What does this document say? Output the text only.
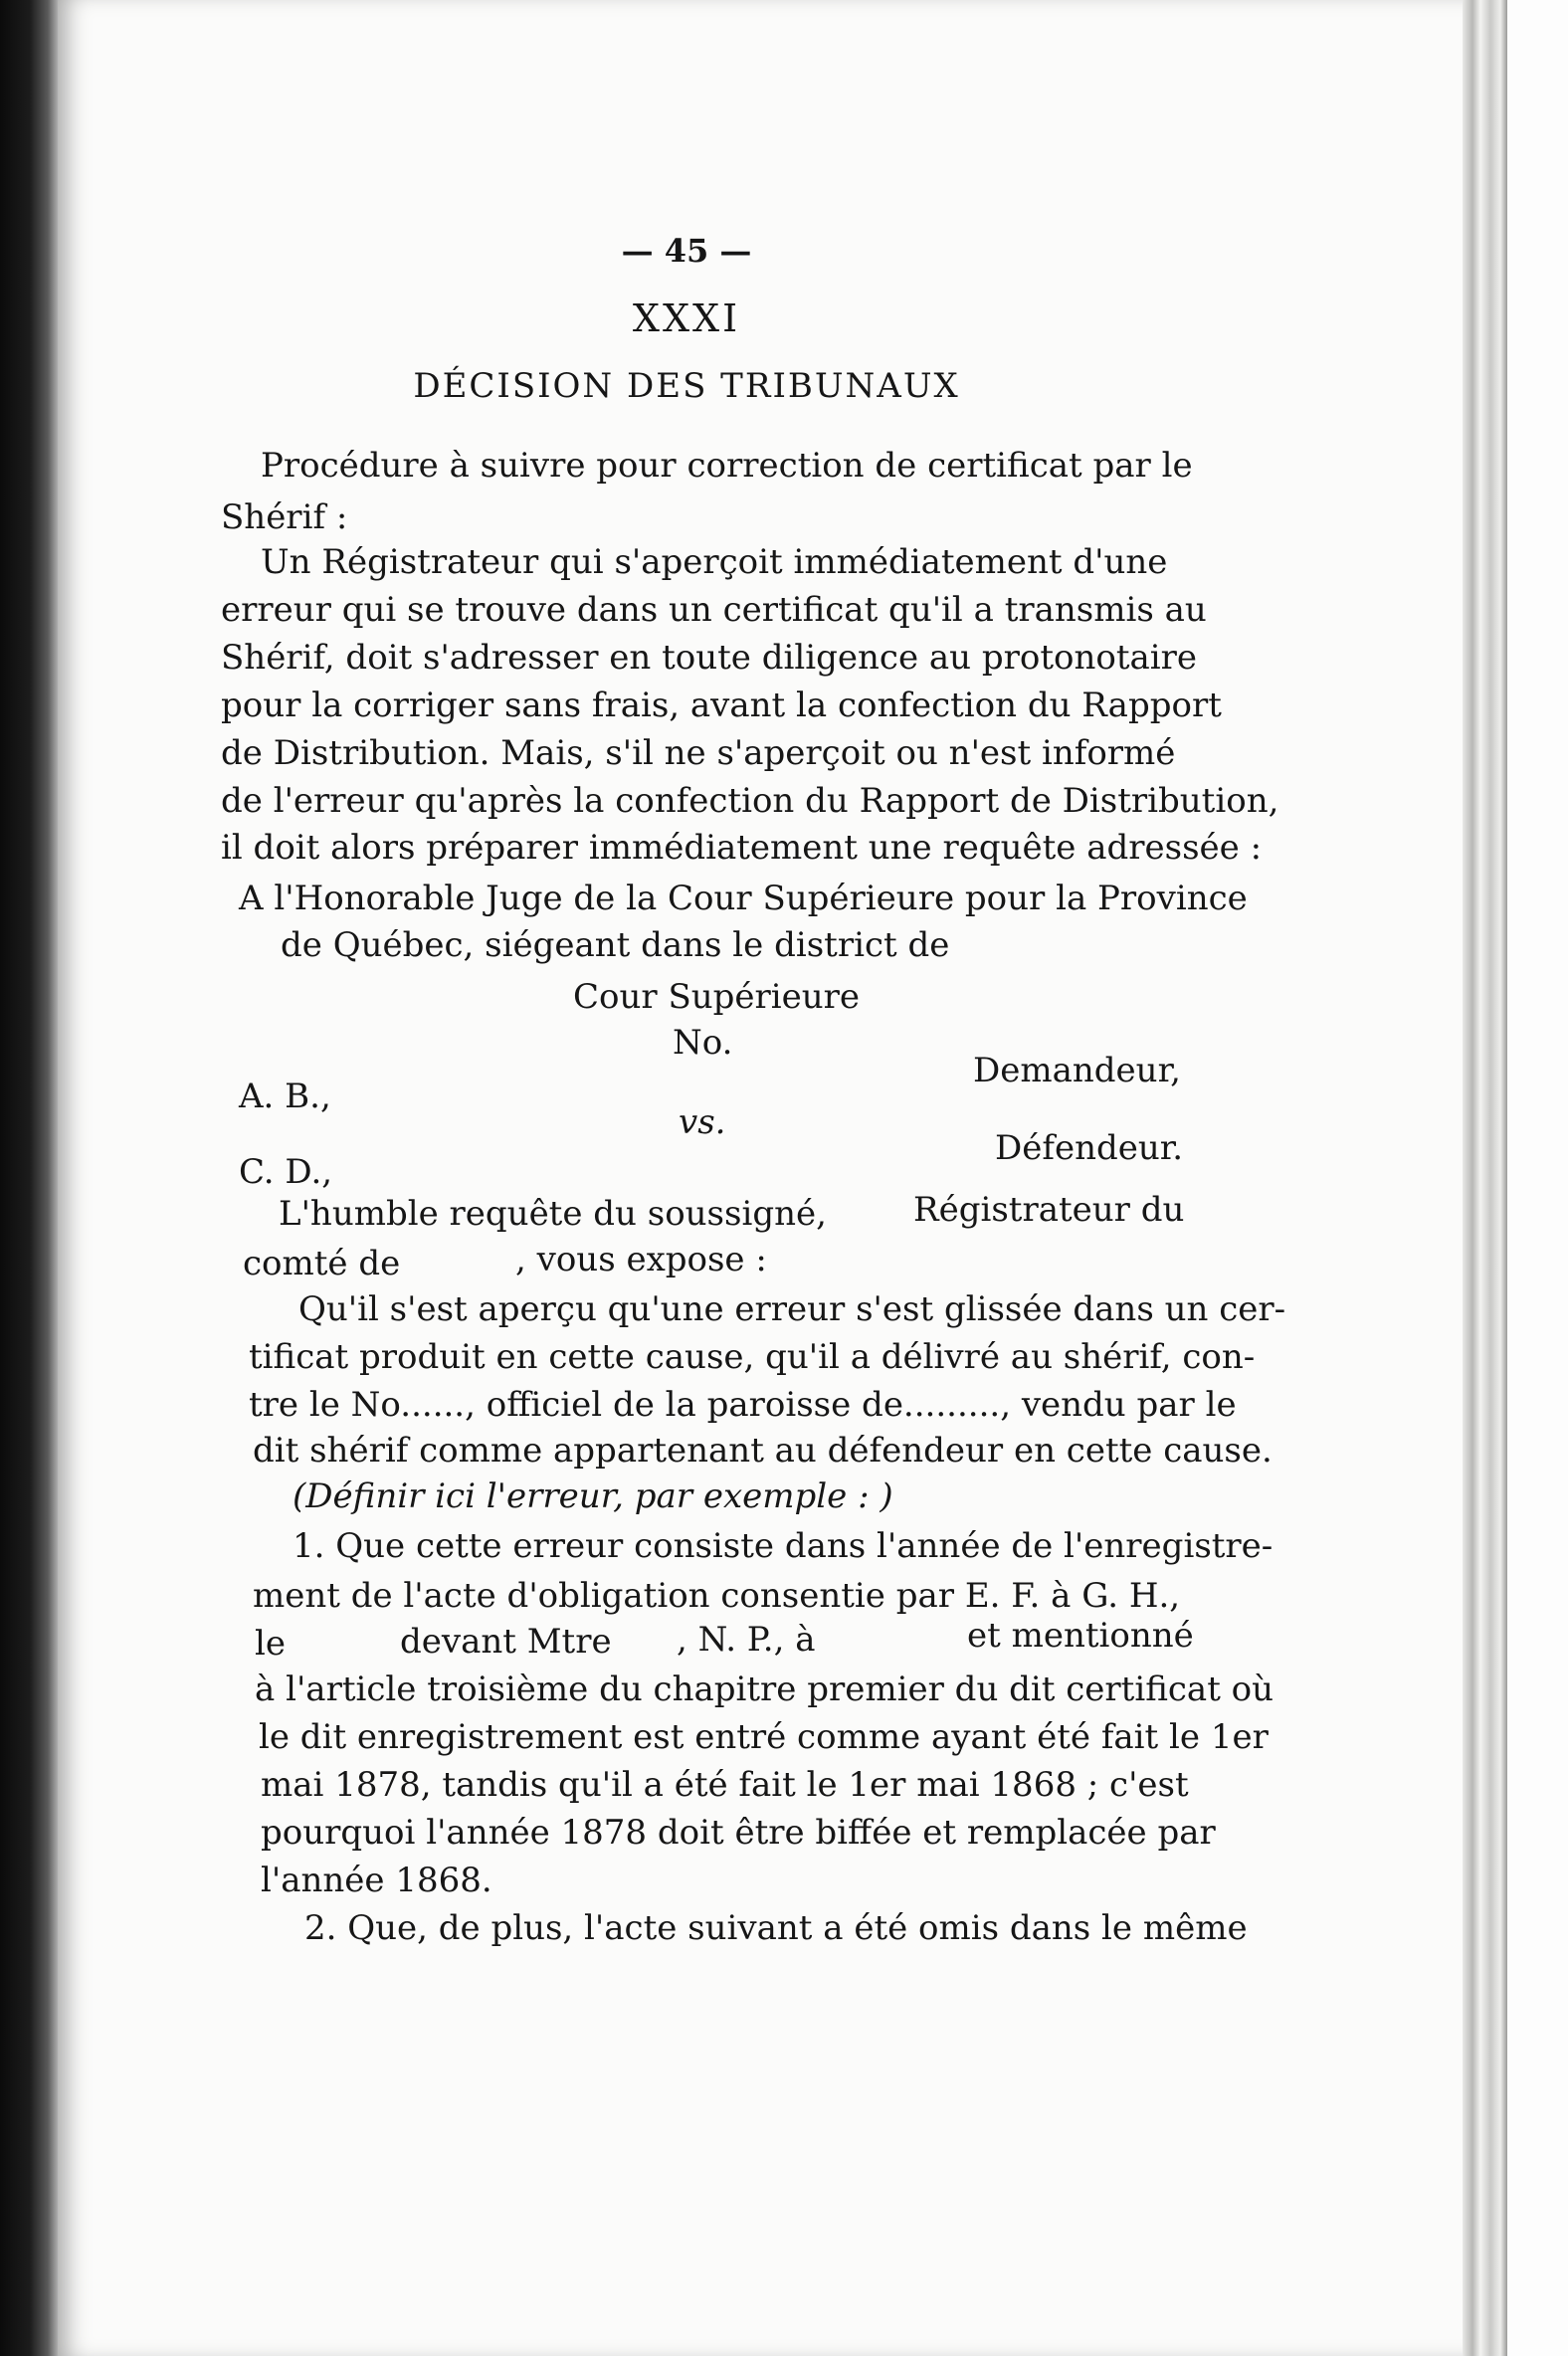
— 45 —
XXXI
DÉCISION DES TRIBUNAUX
Procédure à suivre pour correction de certificat par le
Shérif :
Un Régistrateur qui s'aperçoit immédiatement d'une
erreur qui se trouve dans un certificat qu'il a transmis au
Shérif, doit s'adresser en toute diligence au protonotaire
pour la corriger sans frais, avant la confection du Rapport
de Distribution. Mais, s'il ne s'aperçoit ou n'est informé
de l'erreur qu'après la confection du Rapport de Distribution,
il doit alors préparer immédiatement une requête adressée :
A l'Honorable Juge de la Cour Supérieure pour la Province
de Québec, siégeant dans le district de
Cour Supérieure
No.
Demandeur,
A. B.,
vs.
Défendeur.
C. D.,
L'humble requête du soussigné,	Régistrateur du
comté de	, vous expose :
Qu'il s'est aperçu qu'une erreur s'est glissée dans un cer-
tificat produit en cette cause, qu'il a délivré au shérif, con-
tre le No......, officiel de la paroisse de........., vendu par le
dit shérif comme appartenant au défendeur en cette cause.
(Définir ici l'erreur, par exemple : )
1. Que cette erreur consiste dans l'année de l'enregistre-
ment de l'acte d'obligation consentie par E. F. à G. H.,
le	devant Mtre , N. P., à	et mentionné
à l'article troisième du chapitre premier du dit certificat où
le dit enregistrement est entré comme ayant été fait le 1er
mai 1878, tandis qu'il a été fait le 1er mai 1868 ; c'est
pourquoi l'année 1878 doit être biffée et remplacée par
l'année 1868.
2. Que, de plus, l'acte suivant a été omis dans le même
